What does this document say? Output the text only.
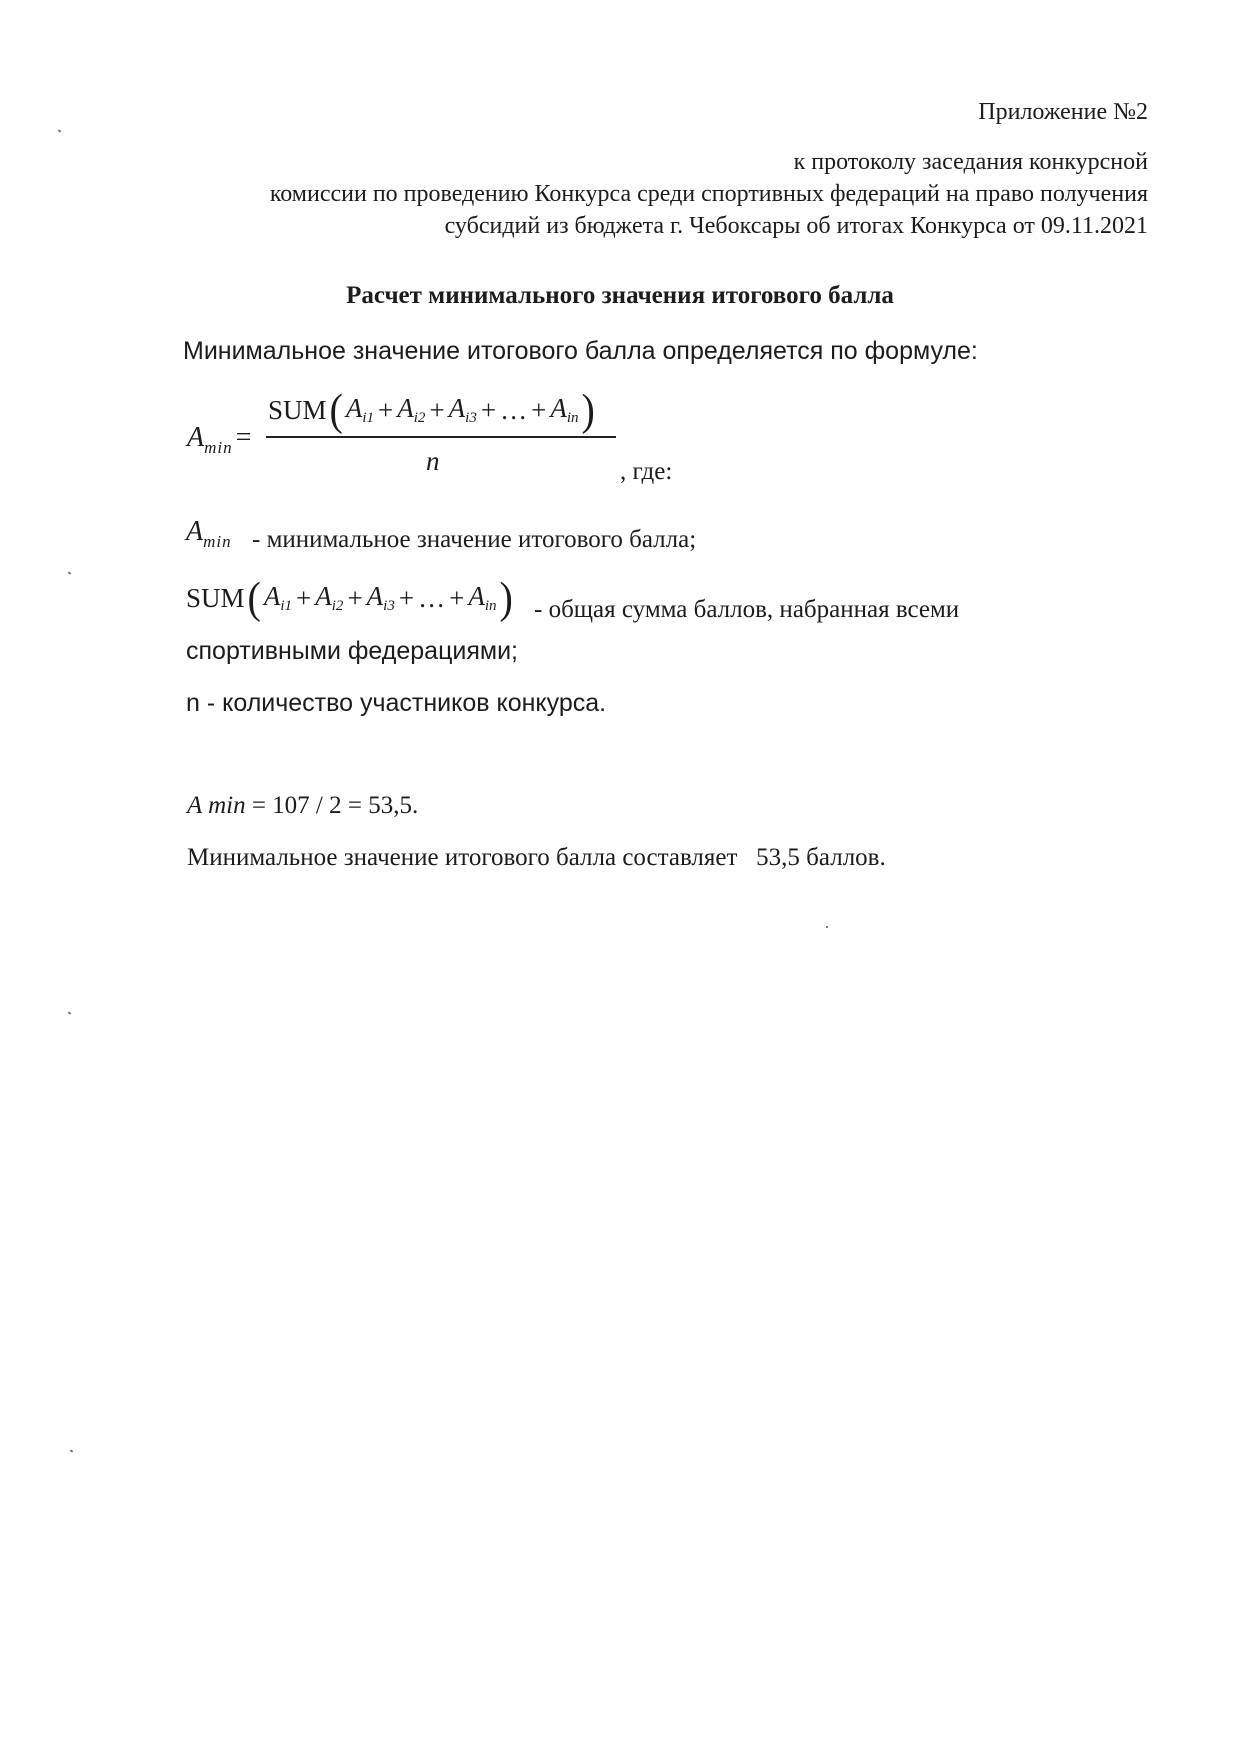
Приложение №2
к протоколу заседания конкурсной
комиссии по проведению Конкурса среди спортивных федераций на право получения
субсидий из бюджета г. Чебоксары об итогах Конкурса от 09.11.2021
Расчет минимального значения итогового балла
Минимальное значение итогового балла определяется по формуле:
$A_{min}$ =
SUM ( $A_{i1} + A_{i2} + A_{i3}$ + … + $A_{in}$ )
n	, где:
$A_{min}$ - минимальное значение итогового балла;
SUM ( $A_{i1} + A_{i2} + A_{i3}$ + … + $A_{in}$ ) - общая сумма баллов, набранная всеми
спортивными федерациями;
n - количество участников конкурса.
A min = 107 / 2 = 53,5.
Минимальное значение итогового балла составляет   53,5 баллов.
